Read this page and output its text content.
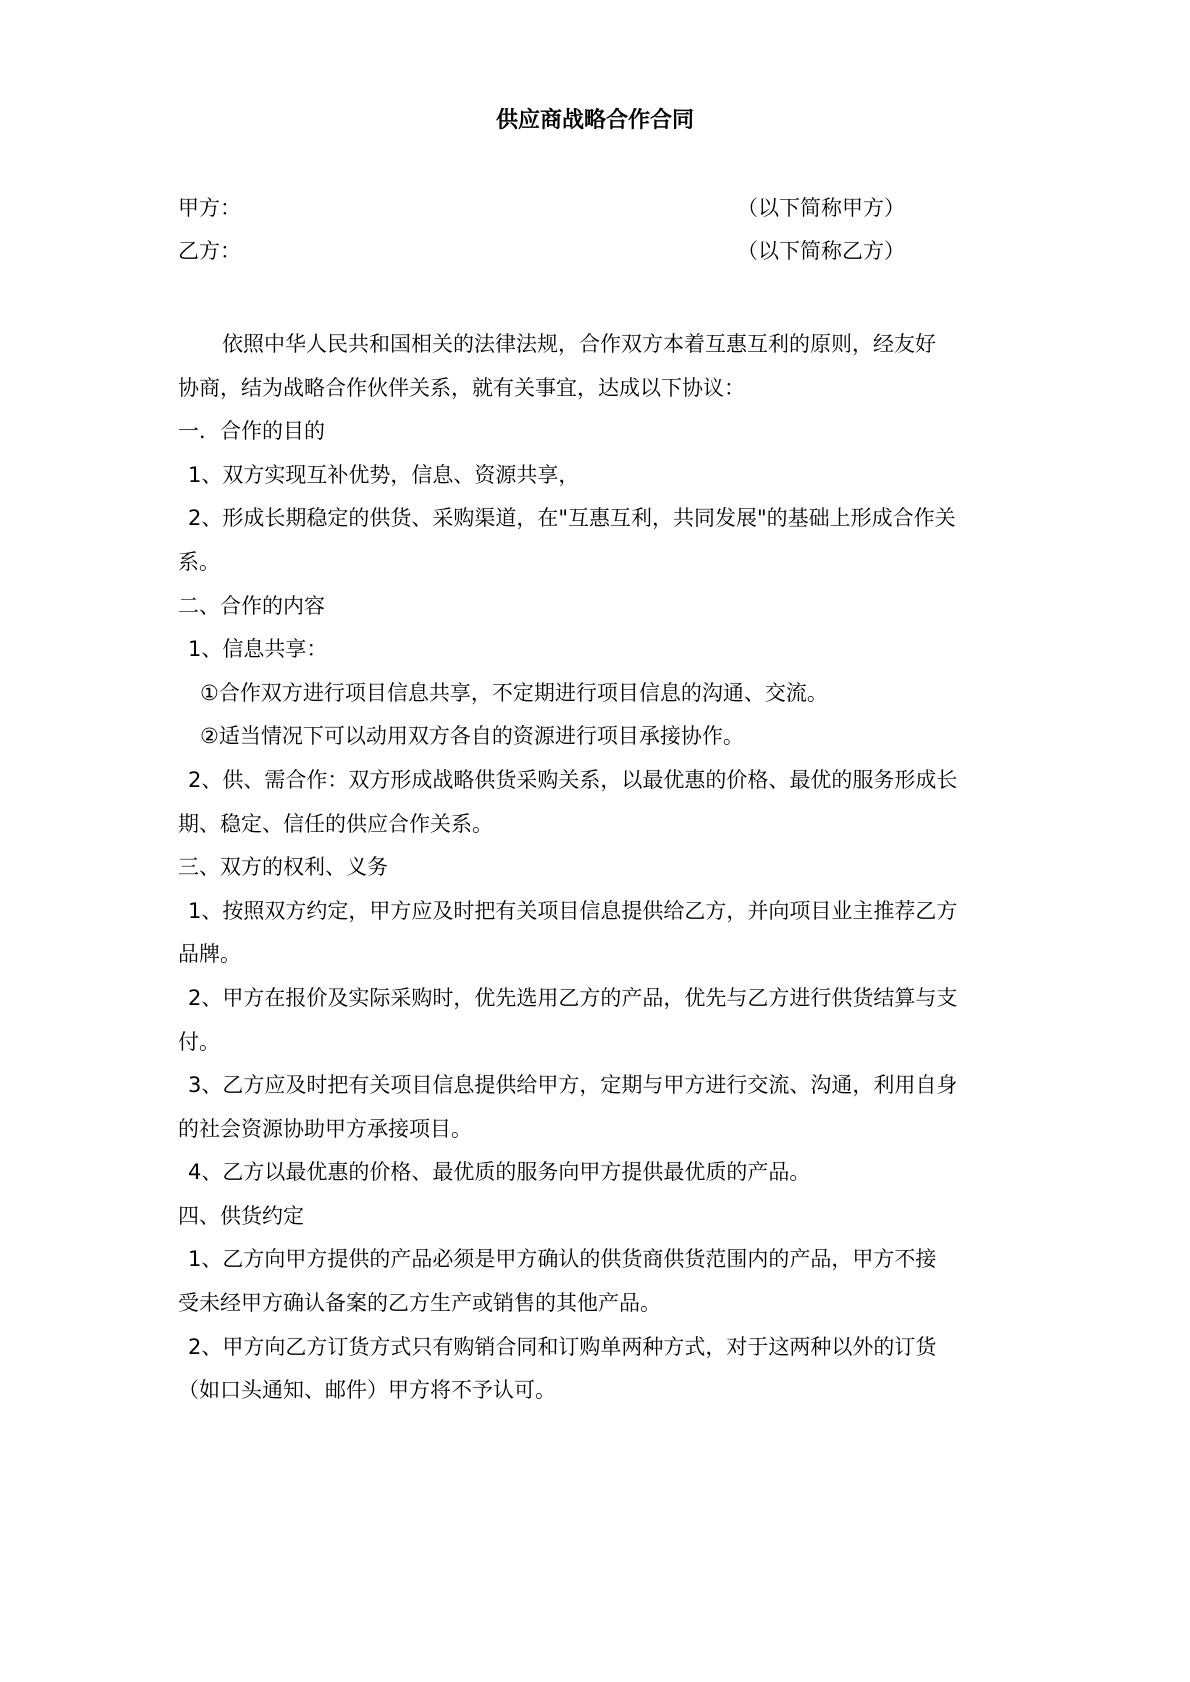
供应商战略合作合同
甲方：	（以下简称甲方）
乙方：	（以下简称乙方）
依照中华人民共和国相关的法律法规，合作双方本着互惠互利的原则，经友好
协商，结为战略合作伙伴关系，就有关事宜，达成以下协议：
一．合作的目的
1、双方实现互补优势，信息、资源共享，
2、形成长期稳定的供货、采购渠道，在"互惠互利，共同发展"的基础上形成合作关
系。
二、合作的内容
1、信息共享：
①合作双方进行项目信息共享，不定期进行项目信息的沟通、交流。
②适当情况下可以动用双方各自的资源进行项目承接协作。
2、供、需合作：双方形成战略供货采购关系，以最优惠的价格、最优的服务形成长
期、稳定、信任的供应合作关系。
三、双方的权利、义务
1、按照双方约定，甲方应及时把有关项目信息提供给乙方，并向项目业主推荐乙方
品牌。
2、甲方在报价及实际采购时，优先选用乙方的产品，优先与乙方进行供货结算与支
付。
3、乙方应及时把有关项目信息提供给甲方，定期与甲方进行交流、沟通，利用自身
的社会资源协助甲方承接项目。
4、乙方以最优惠的价格、最优质的服务向甲方提供最优质的产品。
四、供货约定
1、乙方向甲方提供的产品必须是甲方确认的供货商供货范围内的产品，甲方不接
受未经甲方确认备案的乙方生产或销售的其他产品。
2、甲方向乙方订货方式只有购销合同和订购单两种方式，对于这两种以外的订货
（如口头通知、邮件）甲方将不予认可。
